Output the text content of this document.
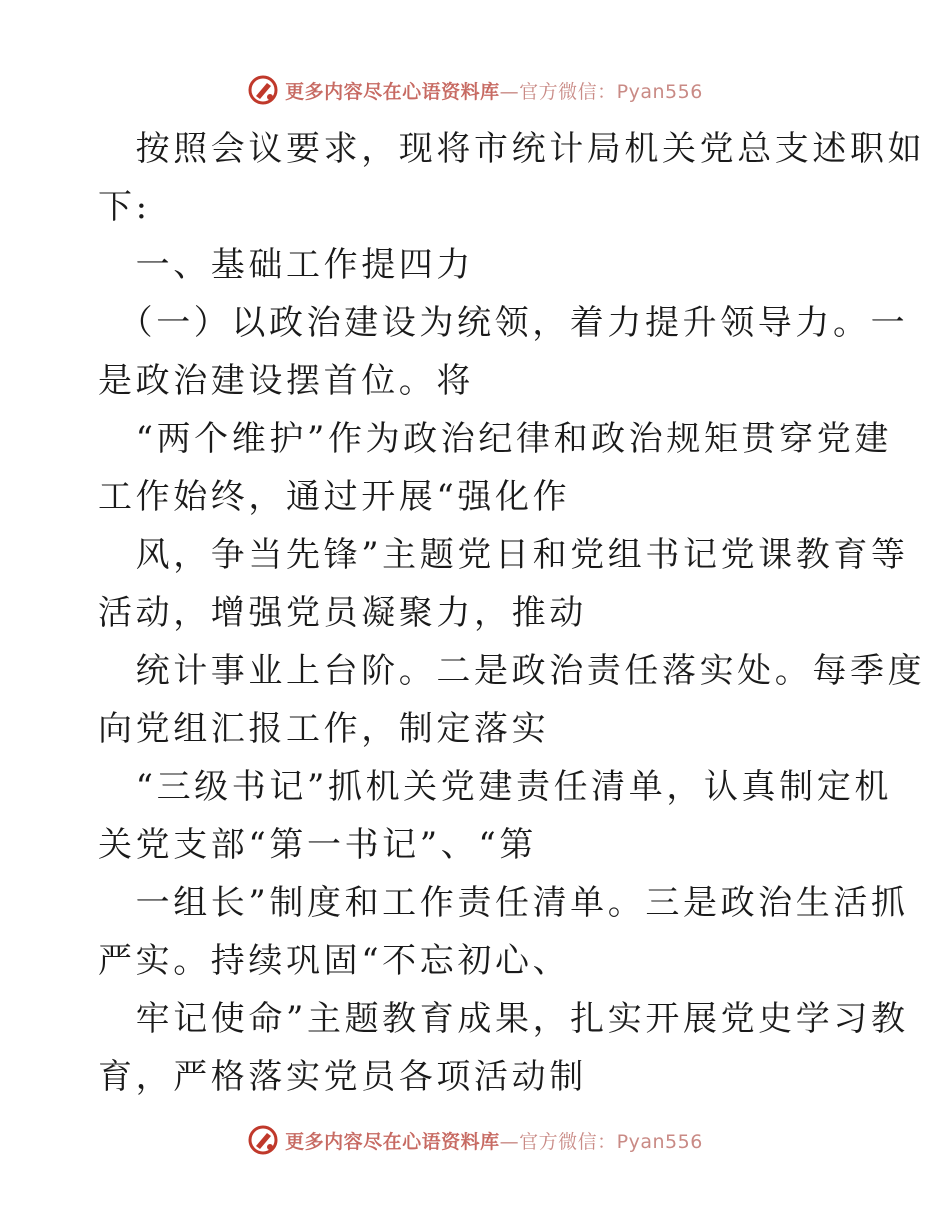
更多内容尽在心语资料库—官方微信：Pyan556

　按照会议要求，现将市统计局机关党总支述职如

下:

　一、基础工作提四力

　（一）以政治建设为统领，着力提升领导力。一

是政治建设摆首位。将

　“两个维护”作为政治纪律和政治规矩贯穿党建

工作始终，通过开展“强化作

　风，争当先锋”主题党日和党组书记党课教育等

活动，增强党员凝聚力，推动

　统计事业上台阶。二是政治责任落实处。每季度

向党组汇报工作，制定落实

　“三级书记”抓机关党建责任清单，认真制定机

关党支部“第一书记”、“第

　一组长”制度和工作责任清单。三是政治生活抓

严实。持续巩固“不忘初心、

　牢记使命”主题教育成果，扎实开展党史学习教

育，严格落实党员各项活动制

更多内容尽在心语资料库—官方微信：Pyan556
